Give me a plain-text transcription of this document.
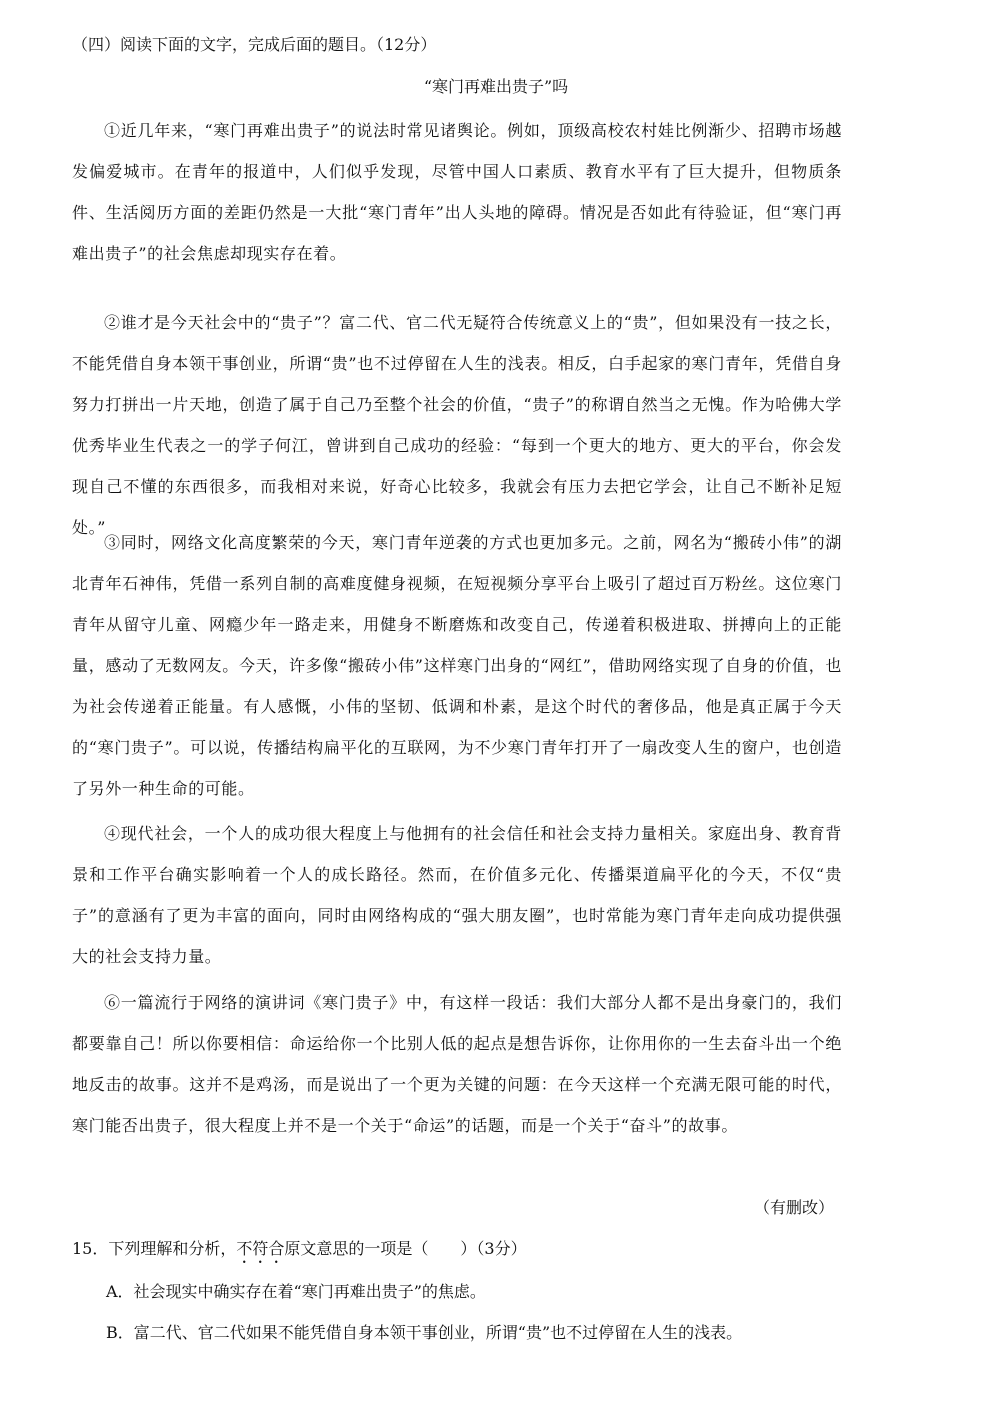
（四）阅读下面的文字，完成后面的题目。（12分）
“寒门再难出贵子”吗
①近几年来，“寒门再难出贵子”的说法时常见诸舆论。例如，顶级高校农村娃比例渐少、招聘市场越发偏爱城市。在青年的报道中，人们似乎发现，尽管中国人口素质、教育水平有了巨大提升，但物质条件、生活阅历方面的差距仍然是一大批“寒门青年”出人头地的障碍。情况是否如此有待验证，但“寒门再难出贵子”的社会焦虑却现实存在着。
②谁才是今天社会中的“贵子”？富二代、官二代无疑符合传统意义上的“贵”，但如果没有一技之长，不能凭借自身本领干事创业，所谓“贵”也不过停留在人生的浅表。相反，白手起家的寒门青年，凭借自身努力打拼出一片天地，创造了属于自己乃至整个社会的价值，“贵子”的称谓自然当之无愧。作为哈佛大学优秀毕业生代表之一的学子何江，曾讲到自己成功的经验：“每到一个更大的地方、更大的平台，你会发现自己不懂的东西很多，而我相对来说，好奇心比较多，我就会有压力去把它学会，让自己不断补足短处。”
③同时，网络文化高度繁荣的今天，寒门青年逆袭的方式也更加多元。之前，网名为“搬砖小伟”的湖北青年石神伟，凭借一系列自制的高难度健身视频，在短视频分享平台上吸引了超过百万粉丝。这位寒门青年从留守儿童、网瘾少年一路走来，用健身不断磨炼和改变自己，传递着积极进取、拼搏向上的正能量，感动了无数网友。今天，许多像“搬砖小伟”这样寒门出身的“网红”，借助网络实现了自身的价值，也为社会传递着正能量。有人感慨，小伟的坚韧、低调和朴素，是这个时代的奢侈品，他是真正属于今天的“寒门贵子”。可以说，传播结构扁平化的互联网，为不少寒门青年打开了一扇改变人生的窗户，也创造了另外一种生命的可能。
④现代社会，一个人的成功很大程度上与他拥有的社会信任和社会支持力量相关。家庭出身、教育背景和工作平台确实影响着一个人的成长路径。然而，在价值多元化、传播渠道扁平化的今天，不仅“贵子”的意涵有了更为丰富的面向，同时由网络构成的“强大朋友圈”，也时常能为寒门青年走向成功提供强大的社会支持力量。
⑥一篇流行于网络的演讲词《寒门贵子》中，有这样一段话：我们大部分人都不是出身豪门的，我们都要靠自己！所以你要相信：命运给你一个比别人低的起点是想告诉你，让你用你的一生去奋斗出一个绝地反击的故事。这并不是鸡汤，而是说出了一个更为关键的问题：在今天这样一个充满无限可能的时代，寒门能否出贵子，很大程度上并不是一个关于“命运”的话题，而是一个关于“奋斗”的故事。
（有删改）
15．下列理解和分析，不符合原文意思的一项是（　　）（3分）
A．社会现实中确实存在着“寒门再难出贵子”的焦虑。
B．富二代、官二代如果不能凭借自身本领干事创业，所谓“贵”也不过停留在人生的浅表。
